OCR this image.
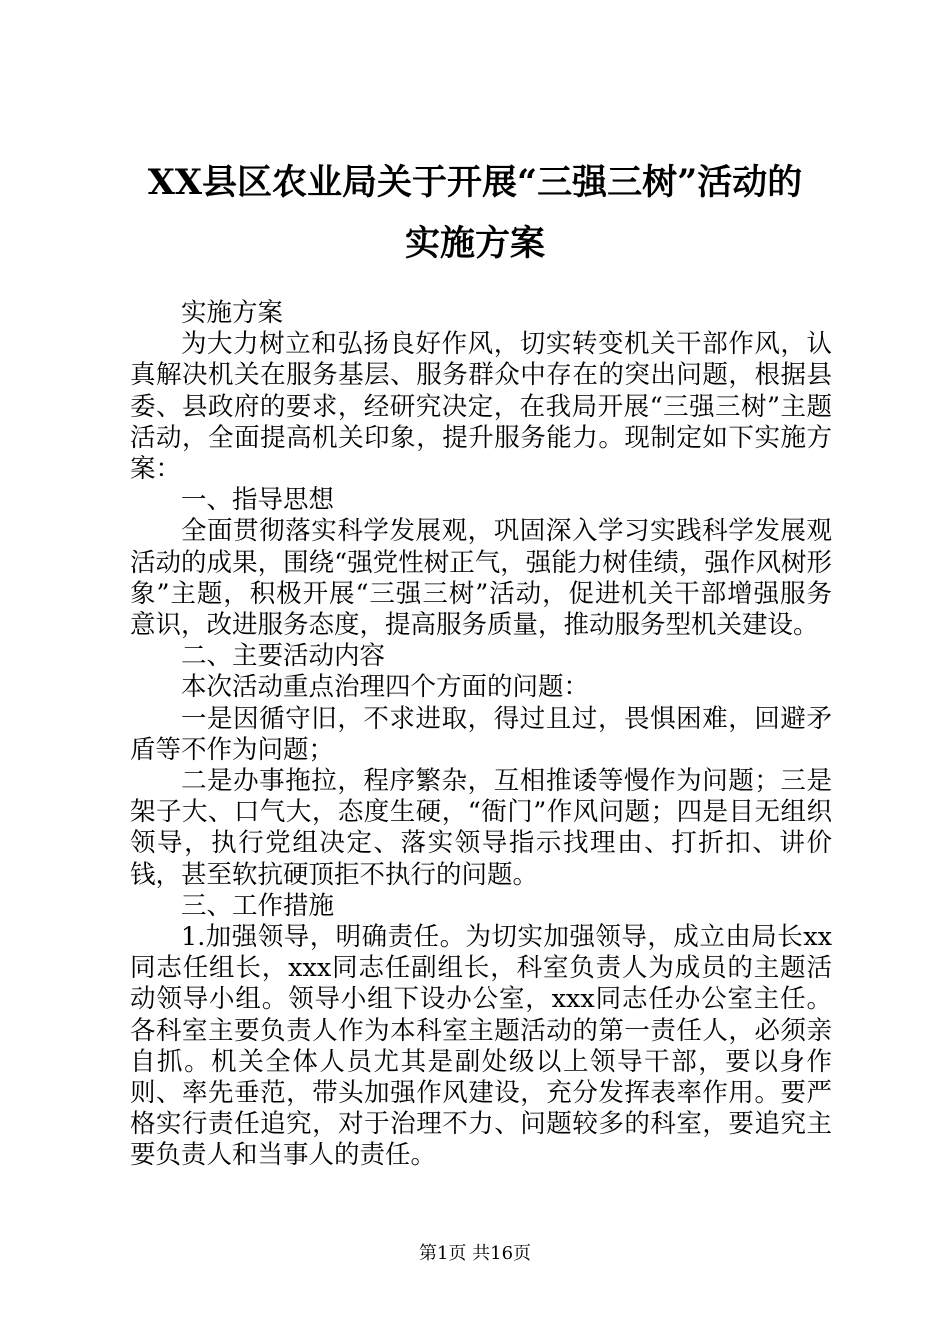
XX县区农业局关于开展“三强三树”活动的
实施方案

实施方案

为大力树立和弘扬良好作风，切实转变机关干部作风，认真解决机关在服务基层、服务群众中存在的突出问题，根据县委、县政府的要求，经研究决定，在我局开展“三强三树”主题活动，全面提高机关印象，提升服务能力。现制定如下实施方案：

一、指导思想

全面贯彻落实科学发展观，巩固深入学习实践科学发展观活动的成果，围绕“强党性树正气，强能力树佳绩，强作风树形象”主题，积极开展“三强三树”活动，促进机关干部增强服务意识，改进服务态度，提高服务质量，推动服务型机关建设。

二、主要活动内容

本次活动重点治理四个方面的问题：

一是因循守旧，不求进取，得过且过，畏惧困难，回避矛盾等不作为问题；

二是办事拖拉，程序繁杂，互相推诿等慢作为问题；三是架子大、口气大，态度生硬，“衙门”作风问题；四是目无组织领导，执行党组决定、落实领导指示找理由、打折扣、讲价钱，甚至软抗硬顶拒不执行的问题。

三、工作措施

1.加强领导，明确责任。为切实加强领导，成立由局长xx同志任组长，xxx同志任副组长，科室负责人为成员的主题活动领导小组。领导小组下设办公室，xxx同志任办公室主任。各科室主要负责人作为本科室主题活动的第一责任人，必须亲自抓。机关全体人员尤其是副处级以上领导干部，要以身作则、率先垂范，带头加强作风建设，充分发挥表率作用。要严格实行责任追究，对于治理不力、问题较多的科室，要追究主要负责人和当事人的责任。

第1页 共16页
